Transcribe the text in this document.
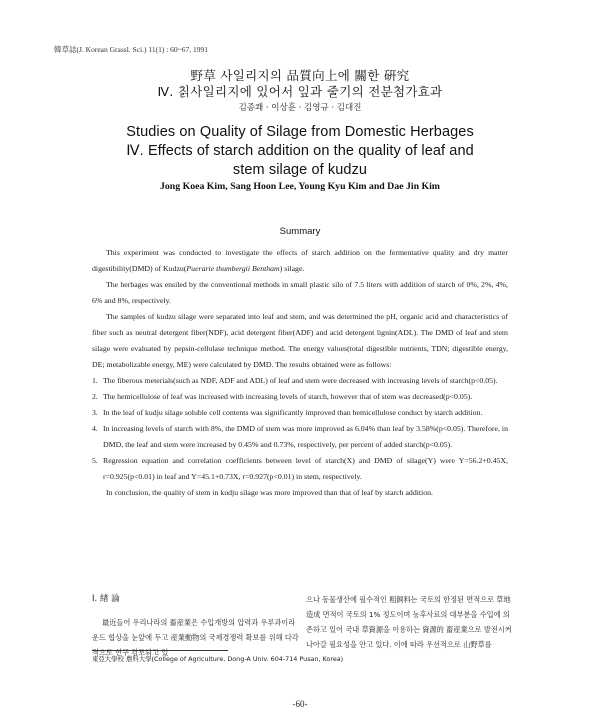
韓草誌(J. Korean Grassl. Sci.) 11(1) : 60~67, 1991
野草 사일리지의 品質向上에 關한 硏究
Ⅳ. 칡사일리지에 있어서 잎과 줄기의 전분첨가효과
김종쾌 · 이상훈 · 김영규 · 김대진
Studies on Quality of Silage from Domestic Herbages
Ⅳ. Effects of starch addition on the quality of leaf and
stem silage of kudzu
Jong Koea Kim, Sang Hoon Lee, Young Kyu Kim and Dae Jin Kim
Summary

This experiment was conducted to investigate the effects of starch addition on the fermentative quality and dry matter digestibility(DMD) of Kudzu(Puerarie thumbergii Bentham) silage.

The herbages was ensiled by the conventional methods in small plastic silo of 7.5 liters with addition of starch of 0%, 2%, 4%, 6% and 8%, respectively.

The samples of kudzu silage were separated into leaf and stem, and was determined the pH, organic acid and characteristics of fiber such as neutral detergent fiber(NDF), acid detergent fiber(ADF) and acid detergent lignin(ADL). The DMD of leaf and stem silage were evaluated by pepsin-cellulase technique method. The energy values(total digestible nutrients, TDN; digestible energy, DE; metabolizable energy, ME) were calculated by DMD. The results obtained were as follows:

1. The fiberous meterials(such as NDF, ADF and ADL) of leaf and stem were decreased with increasing levels of starch(p<0.05).
2. The hemicellulose of leaf was increased with increasing levels of starch, however that of stem was decreased(p<0.05).
3. In the leaf of kudju silage soluble cell contents was significantly improved than hemicellulose conduct by starch addition.
4. In increasing levels of starch with 8%, the DMD of stem was more improved as 6.04% than leaf by 3.58%(p<0.05). Therefore, in DMD, the leaf and stem were increased by 0.45% and 0.73%, respectively, per percent of added starch(p<0.05).
5. Regression equation and correlation coefficients between level of starch(X) and DMD of silage(Y) were Y=56.2+0.45X, r=0.925(p<0.01) in leaf and Y=45.1+0.73X, r=0.927(p<0.01) in stem, respectively.

In conclusion, the quality of stem in kudju silage was more improved than that of leaf by starch addition.

Ⅰ. 緖 論

最近들어 우리나라의 畜産業은 수입개방의 압력과 우루과이라운드 협상을 눈앞에 두고 産業動物의 국제경쟁력 확보를 위해 다각적으로 연구 검토되고 있

으나 동물생산에 필수적인 粗飼料는 국토의 한정된 면적으로 草地造成 면적이 국토의 1% 정도이며 농후사료의 대부분을 수입에 의존하고 있어 국내 草資源을 이용하는 資源的 畜産業으로 발전시켜 나아갈 필요성을 안고 있다. 이에 따라 우선적으로 山野草를

東亞大學校 農科大學(College of Agriculture, Dong-A Univ. 604-714 Pusan, Korea)
-60-
